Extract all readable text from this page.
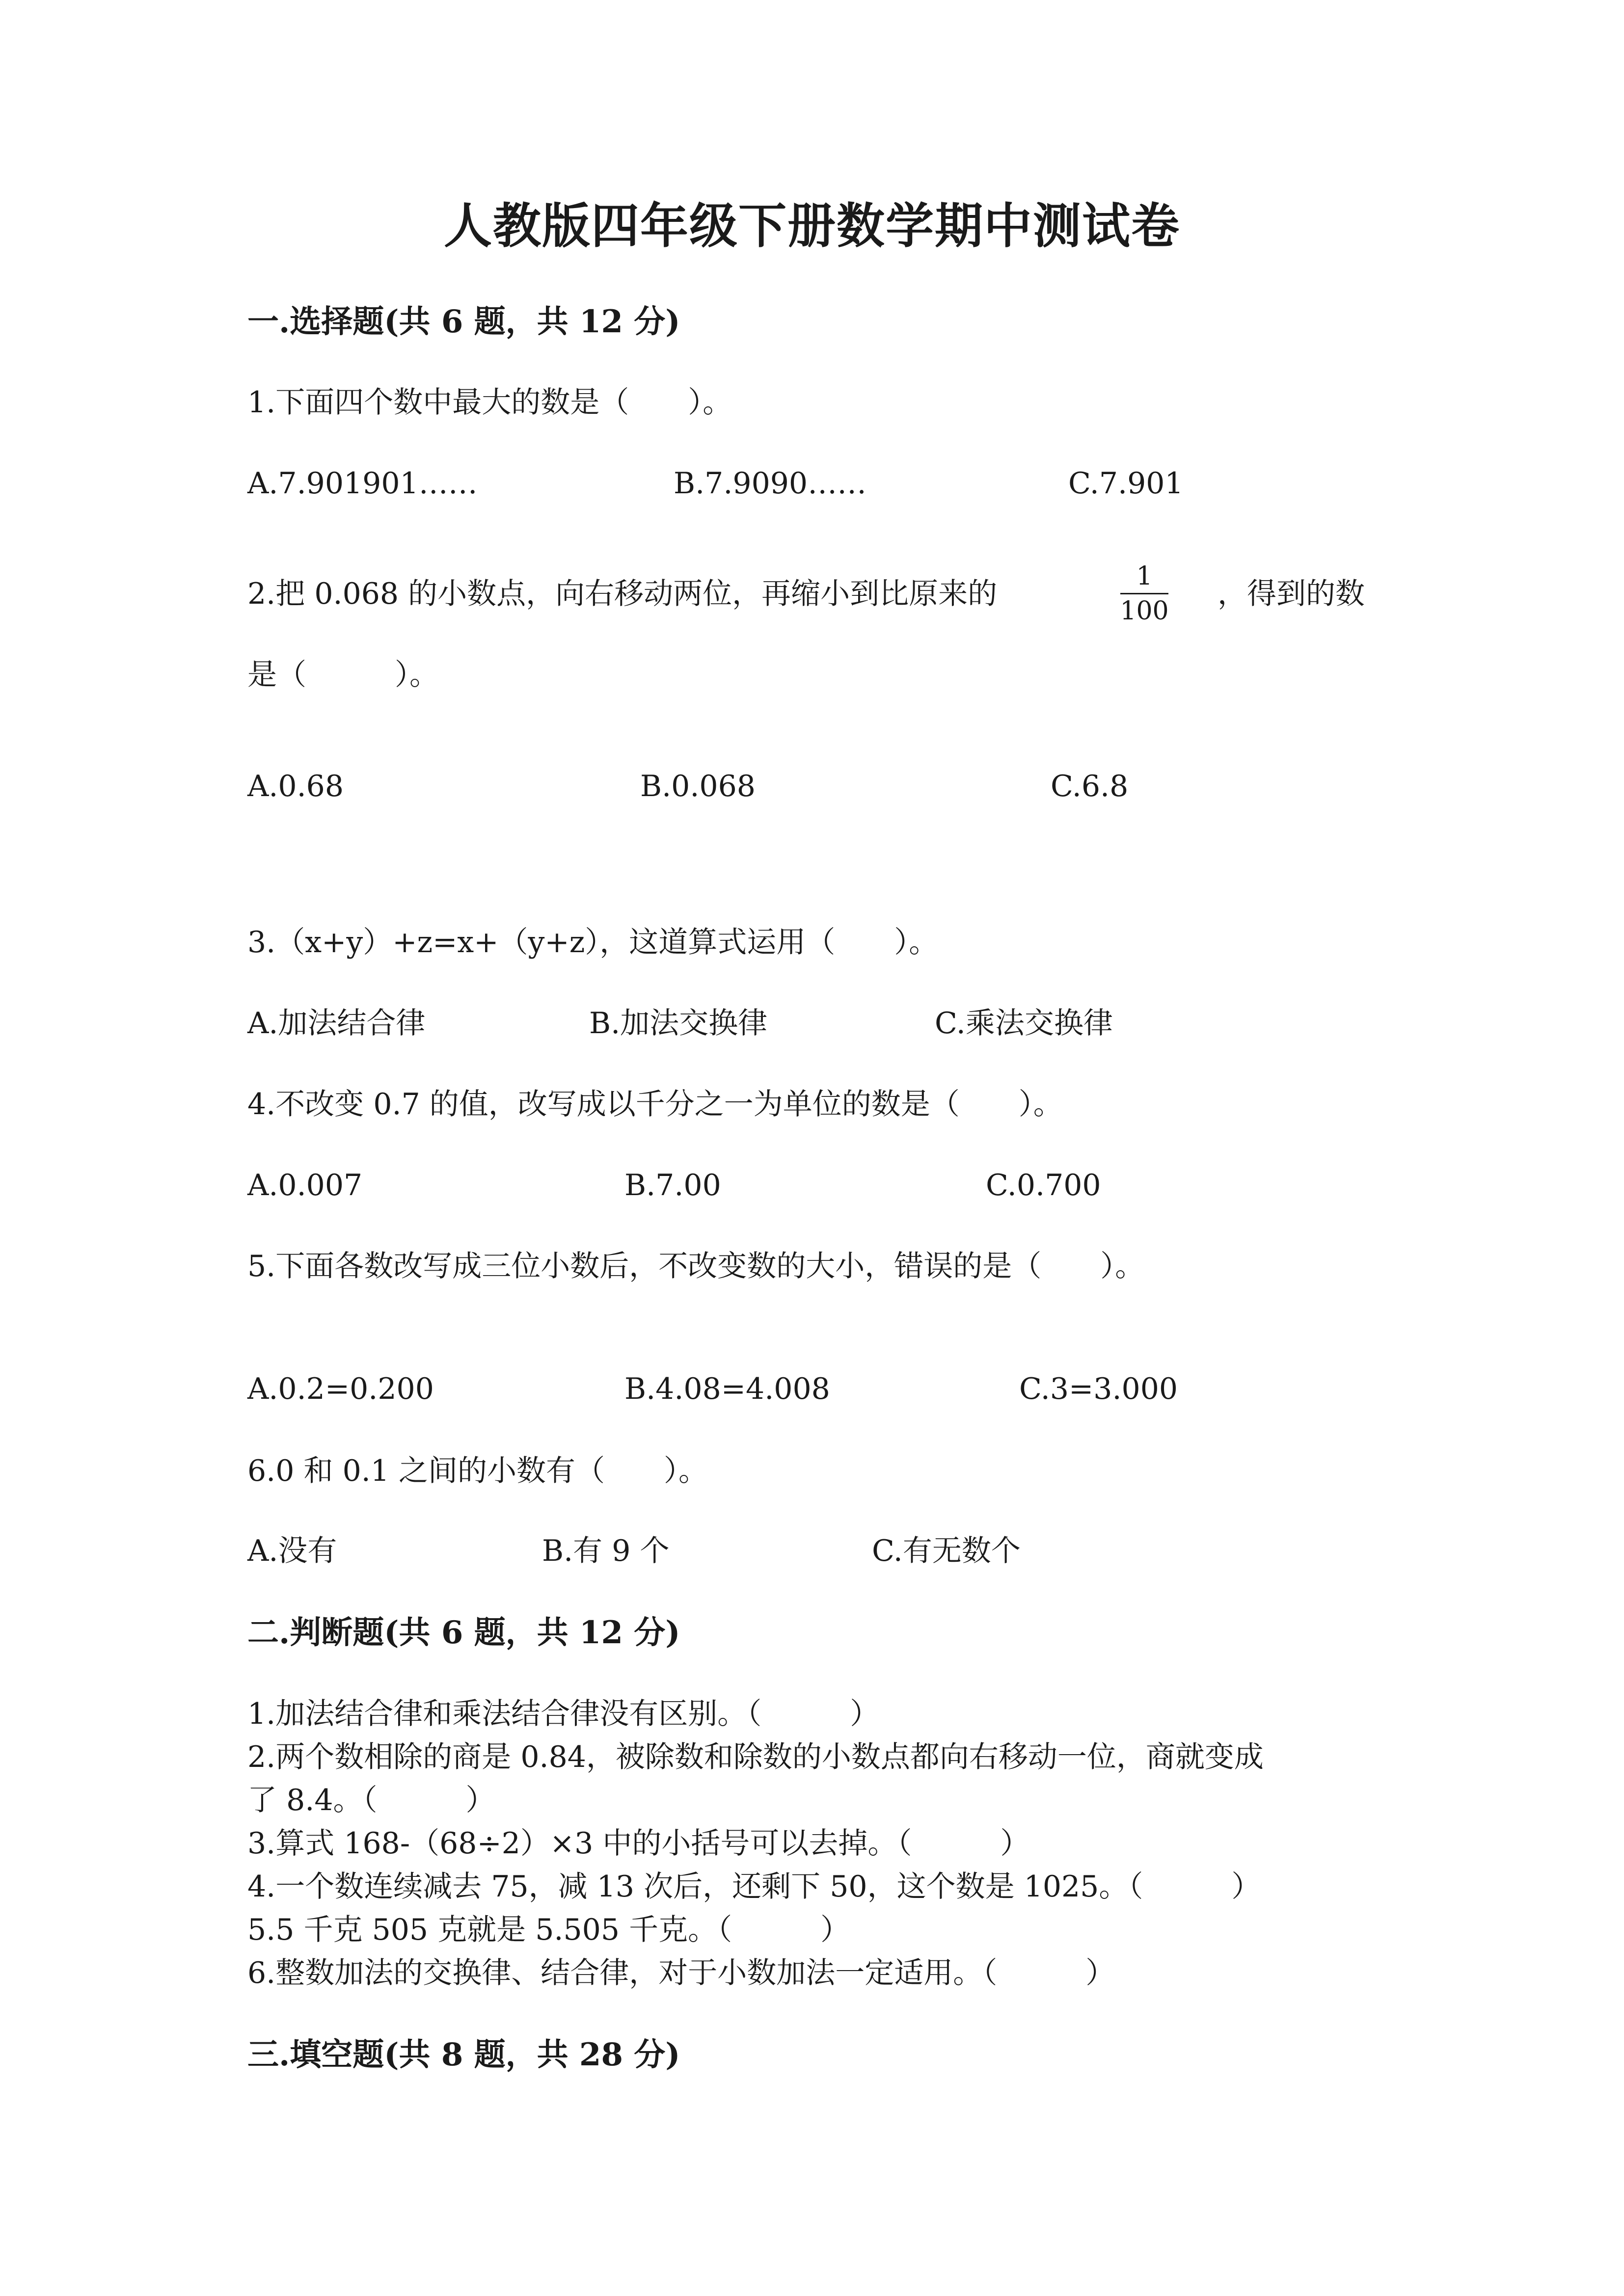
人教版四年级下册数学期中测试卷
一.选择题(共 6 题，共 12 分)
1.下面四个数中最大的数是（　　）。
A.7.901901……	B.7.9090……	C.7.901
2.把 0.068 的小数点，向右移动两位，再缩小到比原来的
1
100 ，得到的数
是（　　　）。
A.0.68	B.0.068	C.6.8
3.（x+y）+z=x+（y+z），这道算式运用（　　）。
A.加法结合律	B.加法交换律	C.乘法交换律
4.不改变 0.7 的值，改写成以千分之一为单位的数是（　　）。
A.0.007	B.7.00	C.0.700
5.下面各数改写成三位小数后，不改变数的大小，错误的是（　　）。
A.0.2=0.200	B.4.08=4.008	C.3=3.000
6.0 和 0.1 之间的小数有（　　）。
A.没有	B.有 9 个	C.有无数个
二.判断题(共 6 题，共 12 分)
1.加法结合律和乘法结合律没有区别。（　　　）
2.两个数相除的商是 0.84，被除数和除数的小数点都向右移动一位，商就变成
了 8.4。（　　　）
3.算式 168-（68÷2）×3 中的小括号可以去掉。（　　　）
4.一个数连续减去 75，减 13 次后，还剩下 50，这个数是 1025。（　　　）
5.5 千克 505 克就是 5.505 千克。（　　　）
6.整数加法的交换律、结合律，对于小数加法一定适用。（　　　）
三.填空题(共 8 题，共 28 分)
